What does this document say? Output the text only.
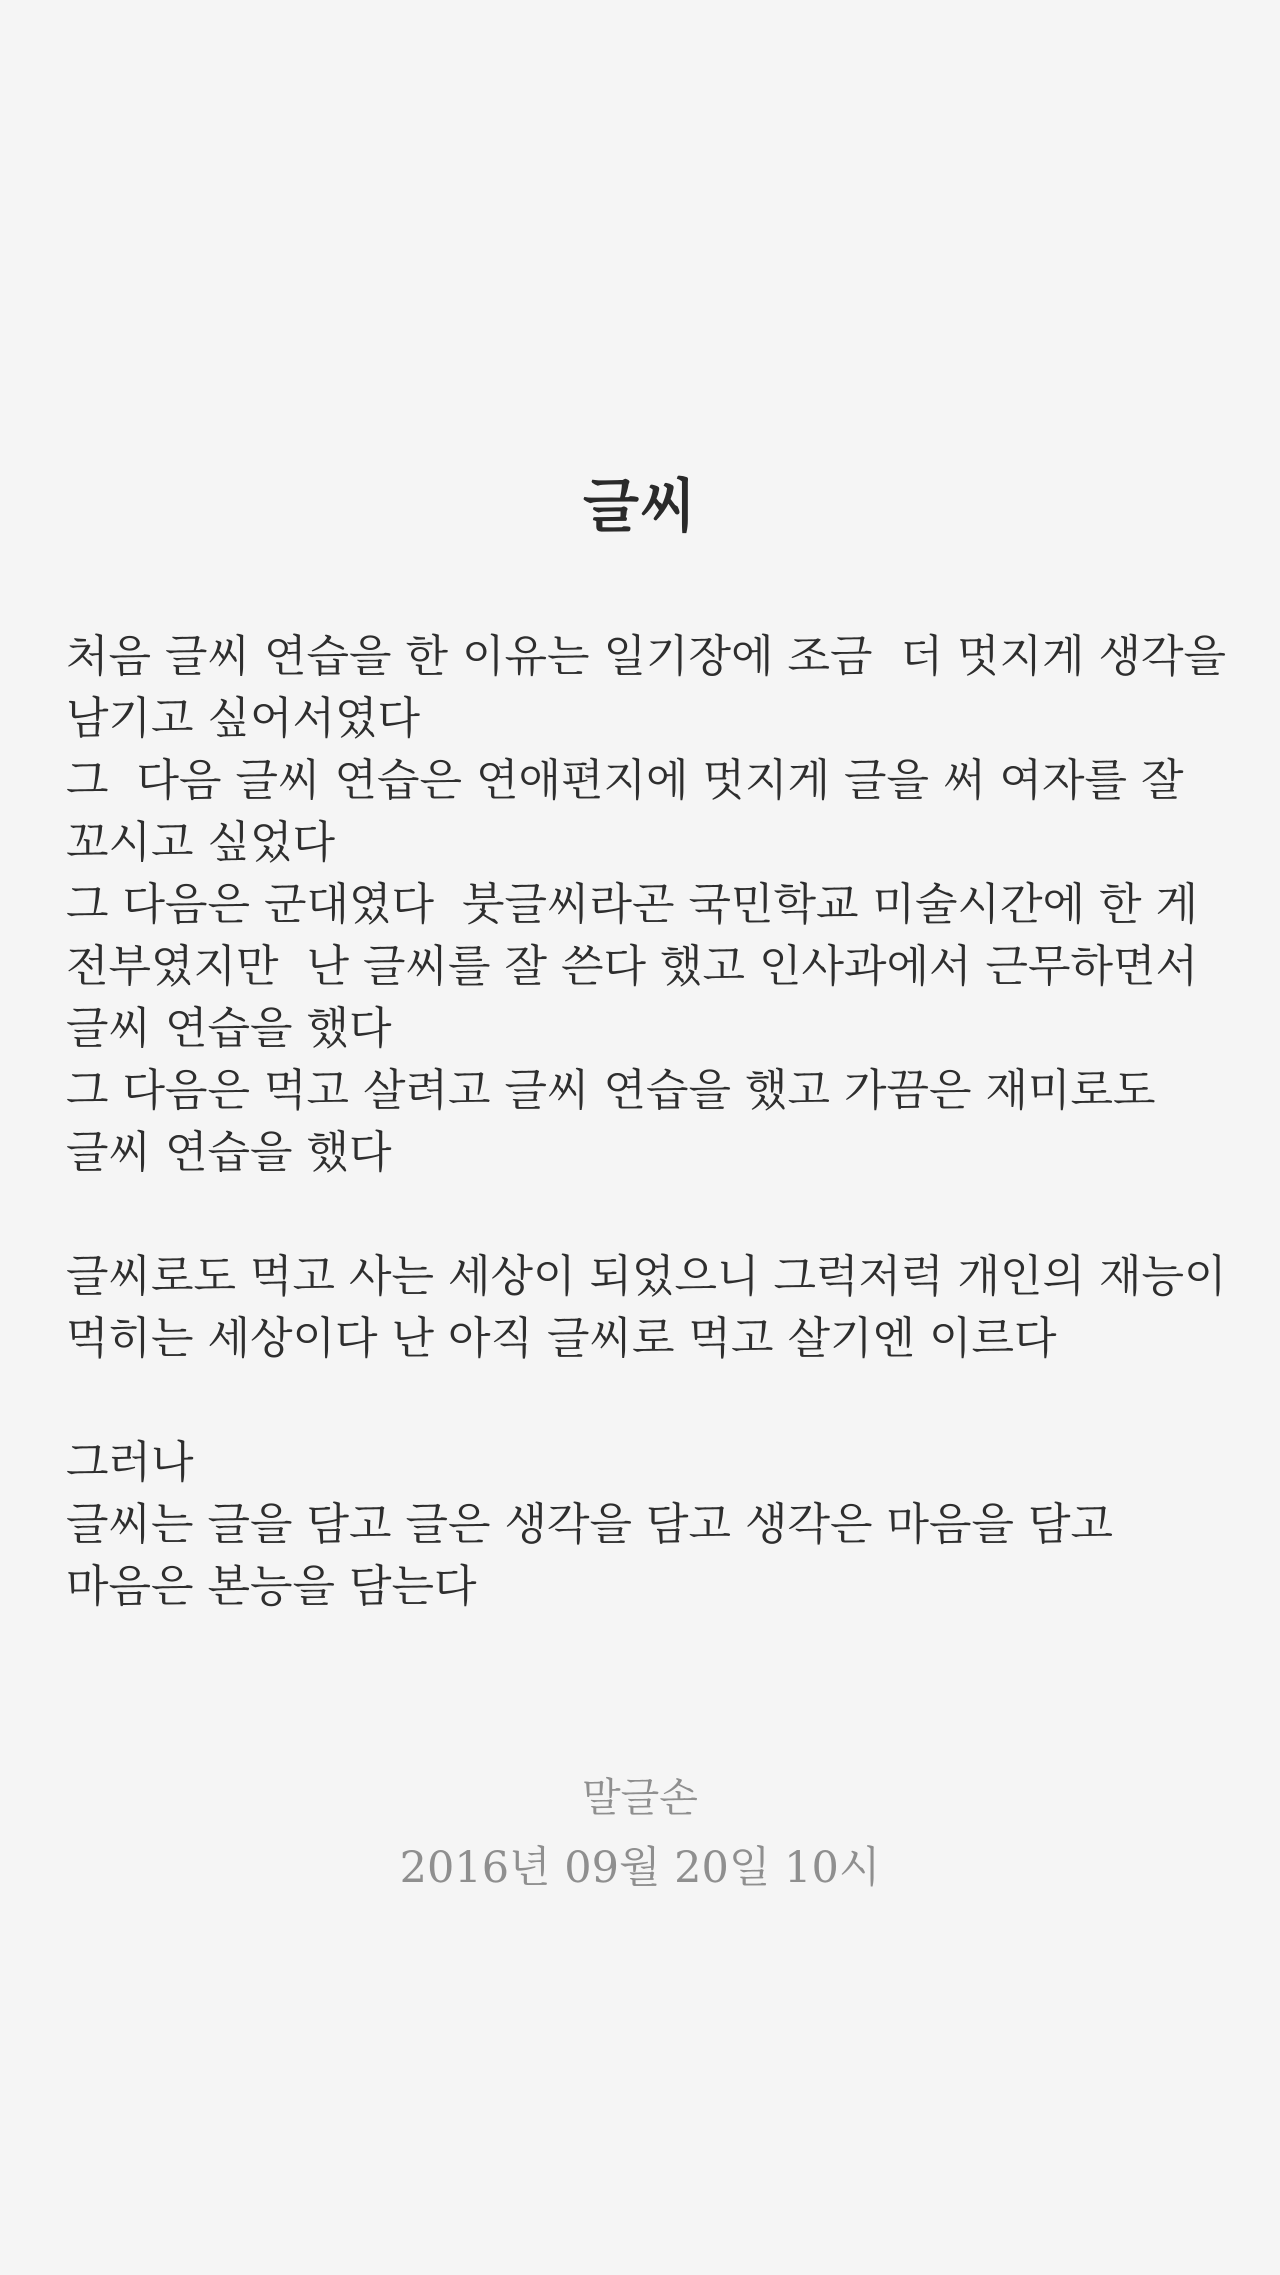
글씨
처음 글씨 연습을 한 이유는 일기장에 조금  더 멋지게 생각을
남기고 싶어서였다
그  다음 글씨 연습은 연애편지에 멋지게 글을 써 여자를 잘
꼬시고 싶었다
그 다음은 군대였다  붓글씨라곤 국민학교 미술시간에 한 게
전부였지만  난 글씨를 잘 쓴다 했고 인사과에서 근무하면서
글씨 연습을 했다
그 다음은 먹고 살려고 글씨 연습을 했고 가끔은 재미로도
글씨 연습을 했다
글씨로도 먹고 사는 세상이 되었으니 그럭저럭 개인의 재능이
먹히는 세상이다 난 아직 글씨로 먹고 살기엔 이르다
그러나
글씨는 글을 담고 글은 생각을 담고 생각은 마음을 담고
마음은 본능을 담는다
말글손
2016년 09월 20일 10시
